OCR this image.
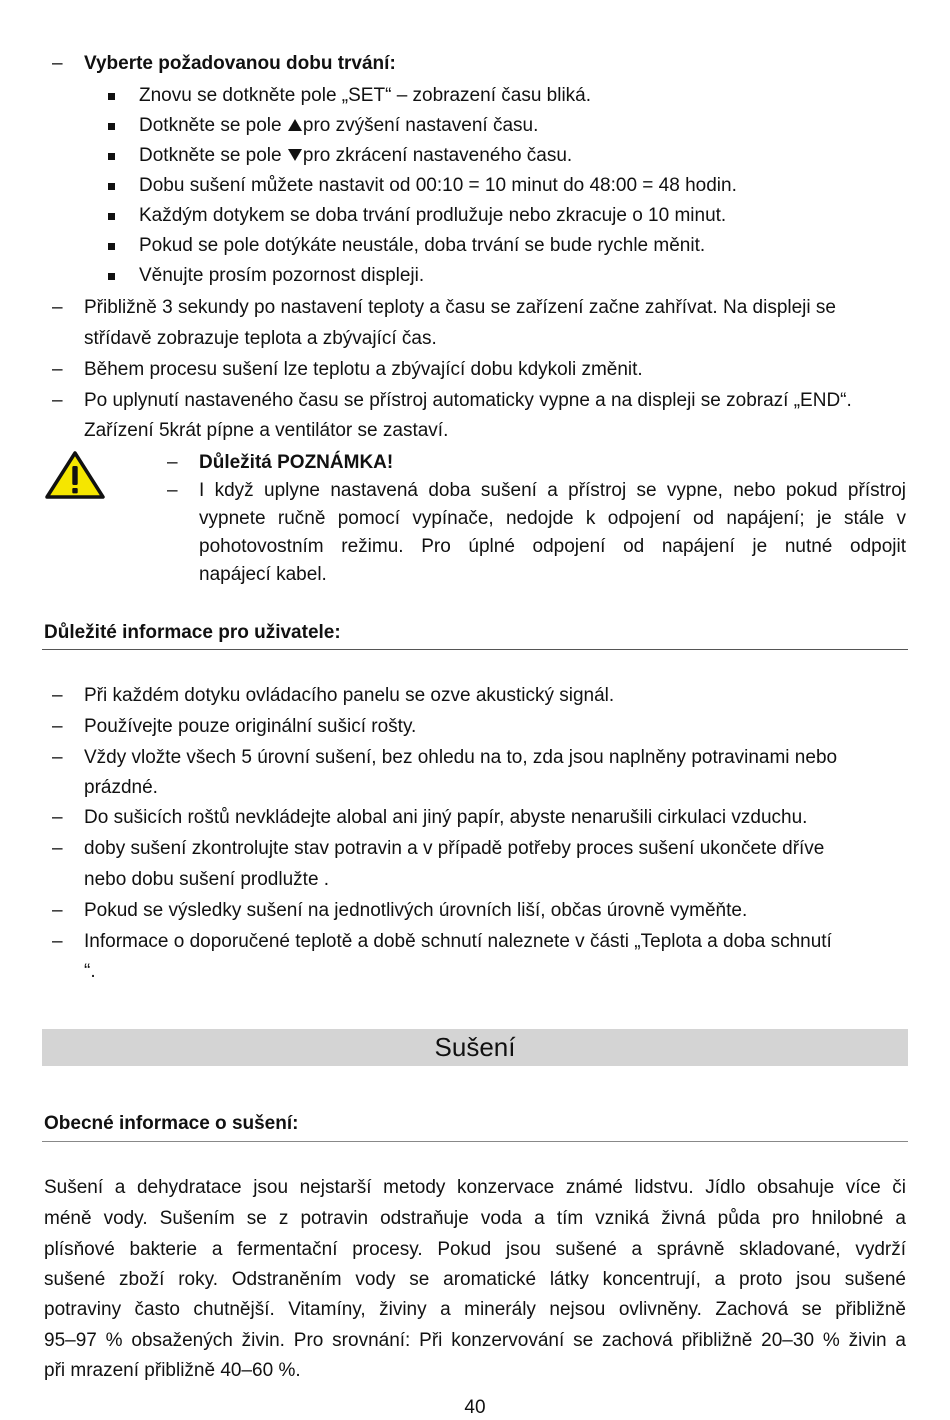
–
Vyberte požadovanou dobu trvání:
Znovu se dotkněte pole „SET“ – zobrazení času bliká.
Dotkněte se pole pro zvýšení nastavení času.
Dotkněte se pole pro zkrácení nastaveného času.
Dobu sušení můžete nastavit od 00:10 = 10 minut do 48:00 = 48 hodin.
Každým dotykem se doba trvání prodlužuje nebo zkracuje o 10 minut.
Pokud se pole dotýkáte neustále, doba trvání se bude rychle měnit.
Věnujte prosím pozornost displeji.
–
Přibližně 3 sekundy po nastavení teploty a času se zařízení začne zahřívat. Na displeji se
střídavě zobrazuje teplota a zbývající čas.
–
Během procesu sušení lze teplotu a zbývající dobu kdykoli změnit.
–
Po uplynutí nastaveného času se přístroj automaticky vypne a na displeji se zobrazí „END“.
Zařízení 5krát pípne a ventilátor se zastaví.
–
Důležitá POZNÁMKA!
–
I když uplyne nastavená doba sušení a přístroj se vypne, nebo pokud přístroj
vypnete ručně pomocí vypínače, nedojde k odpojení od napájení; je stále v
pohotovostním režimu. Pro úplné odpojení od napájení je nutné odpojit
napájecí kabel.
Důležité informace pro uživatele:
–
Při každém dotyku ovládacího panelu se ozve akustický signál.
–
Používejte pouze originální sušicí rošty.
–
Vždy vložte všech 5 úrovní sušení, bez ohledu na to, zda jsou naplněny potravinami nebo
prázdné.
–
Do sušicích roštů nevkládejte alobal ani jiný papír, abyste nenarušili cirkulaci vzduchu.
–
doby sušení zkontrolujte stav potravin a v případě potřeby proces sušení ukončete dříve
nebo dobu sušení prodlužte .
–
Pokud se výsledky sušení na jednotlivých úrovních liší, občas úrovně vyměňte.
–
Informace o doporučené teplotě a době schnutí naleznete v části „Teplota a doba schnutí
“.
Sušení
Obecné informace o sušení:
Sušení a dehydratace jsou nejstarší metody konzervace známé lidstvu. Jídlo obsahuje více či
méně vody. Sušením se z potravin odstraňuje voda a tím vzniká živná půda pro hnilobné a
plísňové bakterie a fermentační procesy. Pokud jsou sušené a správně skladované, vydrží
sušené zboží roky. Odstraněním vody se aromatické látky koncentrují, a proto jsou sušené
potraviny často chutnější. Vitamíny, živiny a minerály nejsou ovlivněny. Zachová se přibližně
95–97 % obsažených živin. Pro srovnání: Při konzervování se zachová přibližně 20–30 % živin a
při mrazení přibližně 40–60 %.
40
